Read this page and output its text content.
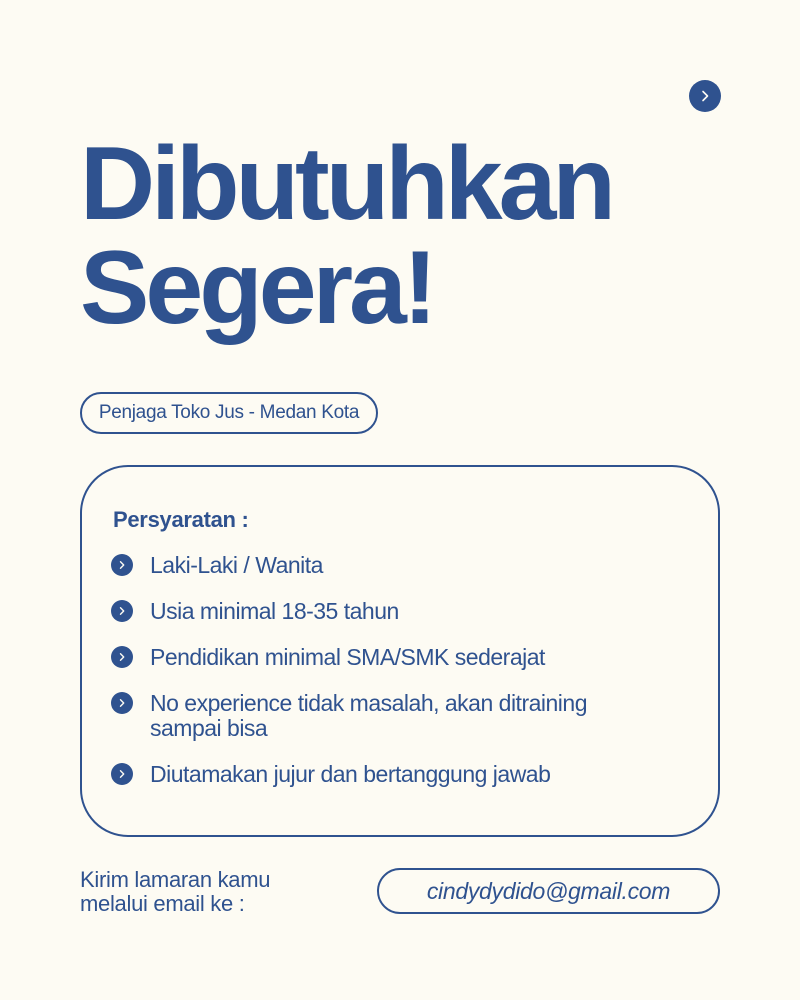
Dibutuhkan
Segera!
Penjaga Toko Jus - Medan Kota
Persyaratan :
Laki-Laki / Wanita
Usia minimal 18-35 tahun
Pendidikan minimal SMA/SMK sederajat
No experience tidak masalah, akan ditraining
sampai bisa
Diutamakan jujur dan bertanggung jawab
Kirim lamaran kamu
melalui email ke :	cindydydido@gmail.com
